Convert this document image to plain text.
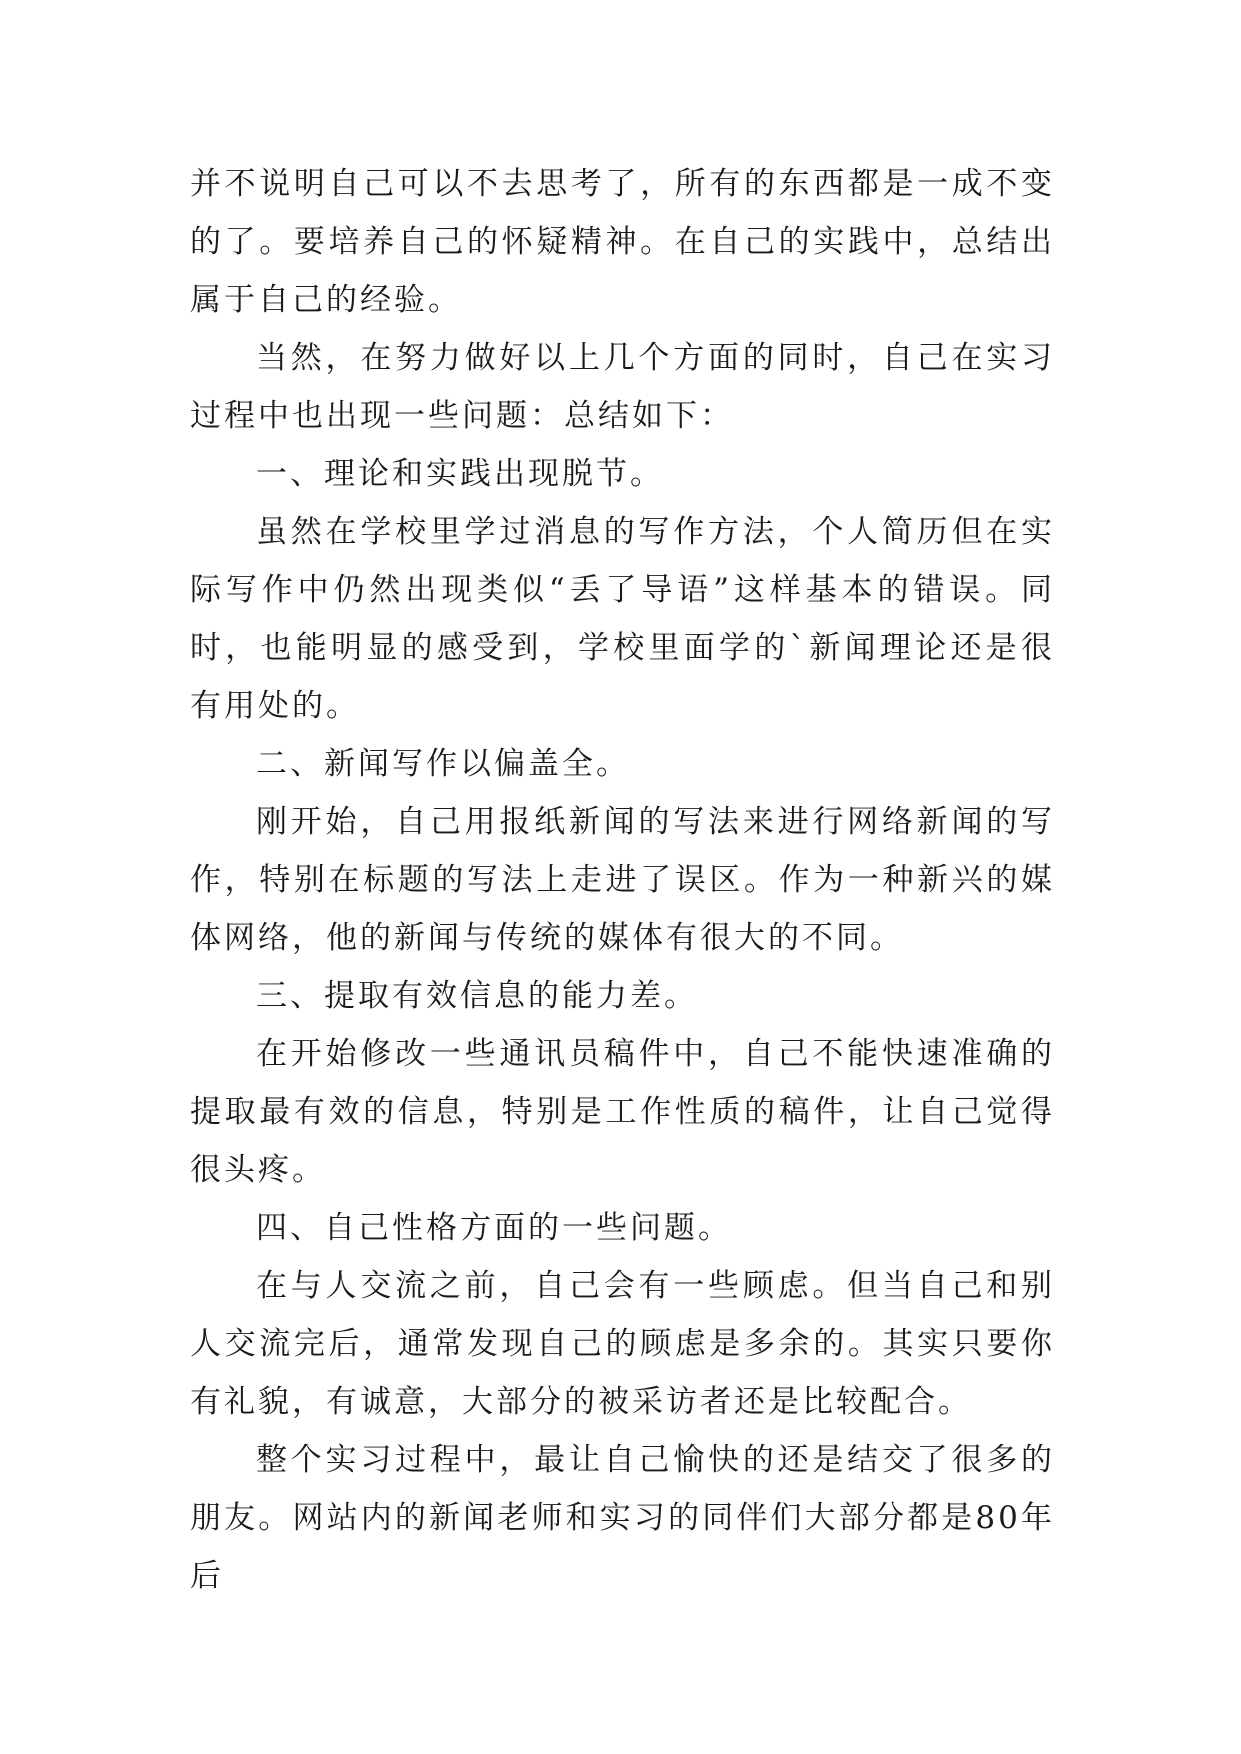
并不说明自己可以不去思考了，所有的东西都是一成不变的了。要培养自己的怀疑精神。在自己的实践中，总结出属于自己的经验。

当然，在努力做好以上几个方面的同时，自己在实习过程中也出现一些问题：总结如下：

一、理论和实践出现脱节。

虽然在学校里学过消息的写作方法，个人简历但在实际写作中仍然出现类似“丢了导语”这样基本的错误。同时，也能明显的感受到，学校里面学的`新闻理论还是很有用处的。

二、新闻写作以偏盖全。

刚开始，自己用报纸新闻的写法来进行网络新闻的写作，特别在标题的写法上走进了误区。作为一种新兴的媒体网络，他的新闻与传统的媒体有很大的不同。

三、提取有效信息的能力差。

在开始修改一些通讯员稿件中，自己不能快速准确的提取最有效的信息，特别是工作性质的稿件，让自己觉得很头疼。

四、自己性格方面的一些问题。

在与人交流之前，自己会有一些顾虑。但当自己和别人交流完后，通常发现自己的顾虑是多余的。其实只要你有礼貌，有诚意，大部分的被采访者还是比较配合。

整个实习过程中，最让自己愉快的还是结交了很多的朋友。网站内的新闻老师和实习的同伴们大部分都是80年后
